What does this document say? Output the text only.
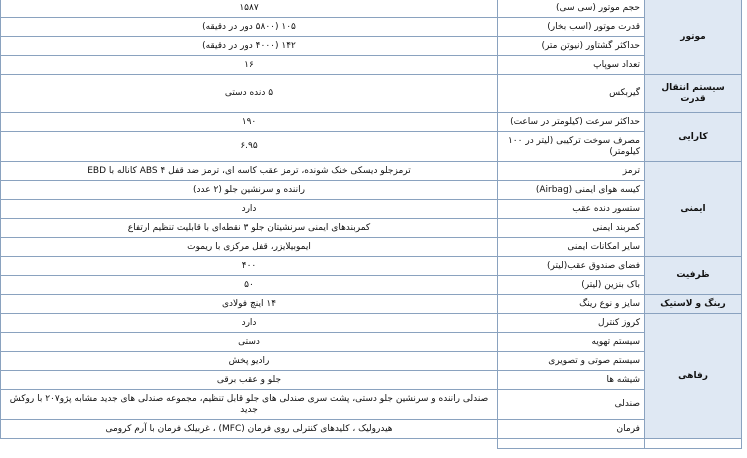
موتور	حجم موتور (سی سی)	۱۵۸۷
	قدرت موتور (اسب بخار)	۱۰۵ (۵۸۰۰ دور در دقیقه)
	حداکثر گشتاور (نیوتن متر)	۱۴۲ (۴۰۰۰ دور در دقیقه)
	تعداد سوپاپ	۱۶
سیستم انتقال قدرت	گیربکس	۵ دنده دستی
کارایی	حداکثر سرعت (کیلومتر در ساعت)	۱۹۰
	مصرف سوخت ترکیبی (لیتر در ۱۰۰ کیلومتر)	۶.۹۵
ایمنی	ترمز	ترمزجلو دیسکی خنک شونده، ترمز عقب کاسه ای، ترمز ضد قفل ABS ۴ کاناله با EBD
	کیسه هوای ایمنی (Airbag)	راننده و سرنشین جلو (۲ عدد)
	ستسور دنده عقب	دارد
	کمربند ایمنی	کمربندهای ایمنی سرنشیتان جلو ۳ نقطه‌ای با قابلیت تنظیم ارتفاع
	سایر امکانات ایمنی	ایموبیلایزر، قفل مرکزی با ریموت
ظرفیت	فضای صندوق عقب(لیتر)	۴۰۰
	باک بنزین (لیتر)	۵۰
رینگ و لاستیک	سایز و نوع رینگ	۱۴ اینچ فولادی
رفاهی	کروز کنترل	دارد
	سیستم تهویه	دستی
	سیستم صوتی و تصویری	رادیو پخش
	شیشه ها	جلو و عقب برقی
	صندلی	صندلی راننده و سرنشین جلو دستی، پشت سری صندلی های جلو قابل تنظیم، مجموعه صندلی های جدید مشابه پژو۲۰۷ با روکش جدید
	فرمان	هیدرولیک ، کلیدهای کنترلی روی فرمان (MFC) ، غربیلک فرمان با آرم کرومی
